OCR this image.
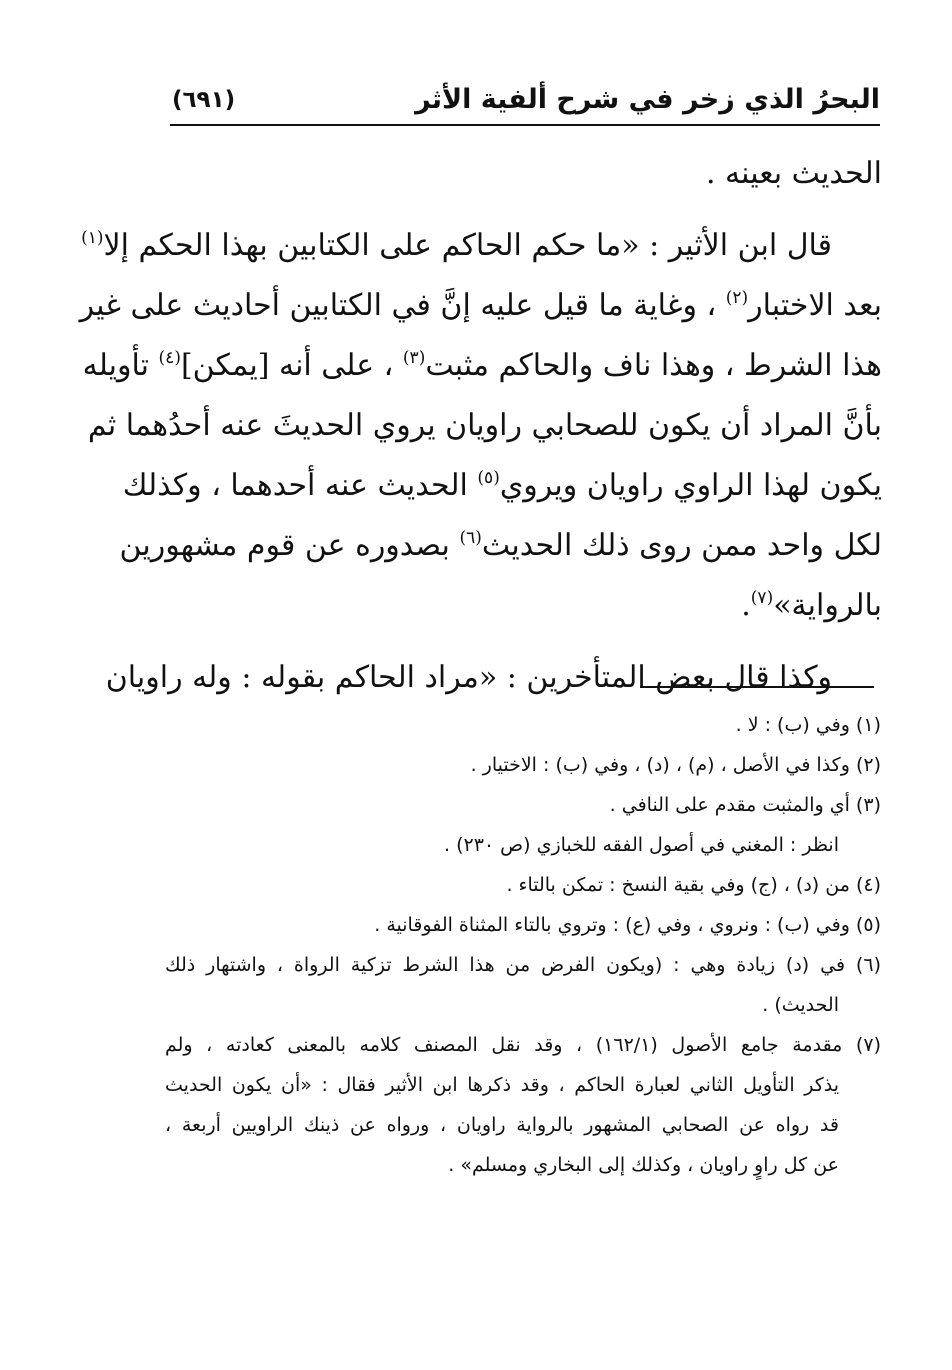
البحرُ الذي زخر في شرح ألفية الأثر
(٦٩١)
الحديث بعينه .
قال ابن الأثير : «ما حكم الحاكم على الكتابين بهذا الحكم إلا$^{(١)}$
بعد الاختبار$^{(٢)}$ ، وغاية ما قيل عليه إنَّ في الكتابين أحاديث على غير
هذا الشرط ، وهذا ناف والحاكم مثبت$^{(٣)}$ ، على أنه [يمكن]$^{(٤)}$ تأويله
بأنَّ المراد أن يكون للصحابي راويان يروي الحديثَ عنه أحدُهما ثم
يكون لهذا الراوي راويان ويروي$^{(٥)}$ الحديث عنه أحدهما ، وكذلك
لكل واحد ممن روى ذلك الحديث$^{(٦)}$ بصدوره عن قوم مشهورين
بالرواية»$^{(٧)}$.
وكذا قال بعض المتأخرين : «مراد الحاكم بقوله : وله راويان
(١) وفي (ب) : لا .
(٢) وكذا في الأصل ، (م) ، (د) ، وفي (ب) : الاختيار .
(٣) أي والمثبت مقدم على النافي .
انظر : المغني في أصول الفقه للخبازي (ص ٢٣٠) .
(٤) من (د) ، (ج) وفي بقية النسخ : تمكن بالتاء .
(٥) وفي (ب) : ونروي ، وفي (ع) : وتروي بالتاء المثناة الفوقانية .
(٦) في (د) زيادة وهي : (ويكون الفرض من هذا الشرط تزكية الرواة ، واشتهار ذلك
الحديث) .
(٧) مقدمة جامع الأصول (١٦٢/١) ، وقد نقل المصنف كلامه بالمعنى كعادته ، ولم
يذكر التأويل الثاني لعبارة الحاكم ، وقد ذكرها ابن الأثير فقال : «أن يكون الحديث
قد رواه عن الصحابي المشهور بالرواية راويان ، ورواه عن ذينك الراويين أربعة ،
عن كل راوٍ راويان ، وكذلك إلى البخاري ومسلم» .
